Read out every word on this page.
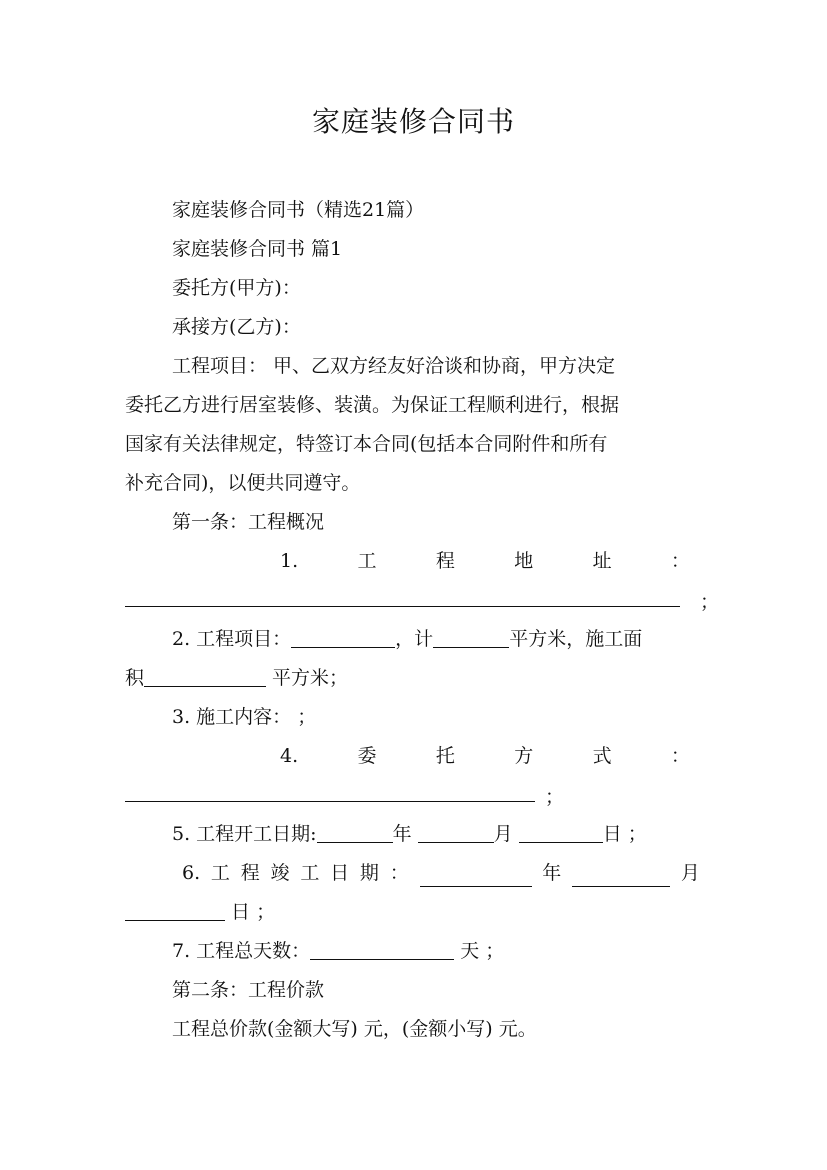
家庭装修合同书
家庭装修合同书（精选21篇）
家庭装修合同书 篇1
委托方(甲方)：
承接方(乙方)：
工程项目： 甲、乙双方经友好洽谈和协商，甲方决定
委托乙方进行居室装修、装潢。为保证工程顺利进行，根据
国家有关法律规定，特签订本合同(包括本合同附件和所有
补充合同)，以便共同遵守。
第一条：工程概况
1.	工	程	地	址	：
；
2. 工程项目：	，计	平方米，施工面
积	平方米；
3. 施工内容： ；
4.	委	托	方	式	：
；
5. 工程开工日期:	年	月	日 ；
6. 工 程 竣 工 日 期 ：	年	月
日 ；
7. 工程总天数：	天 ；
第二条：工程价款
工程总价款(金额大写) 元，(金额小写) 元。
